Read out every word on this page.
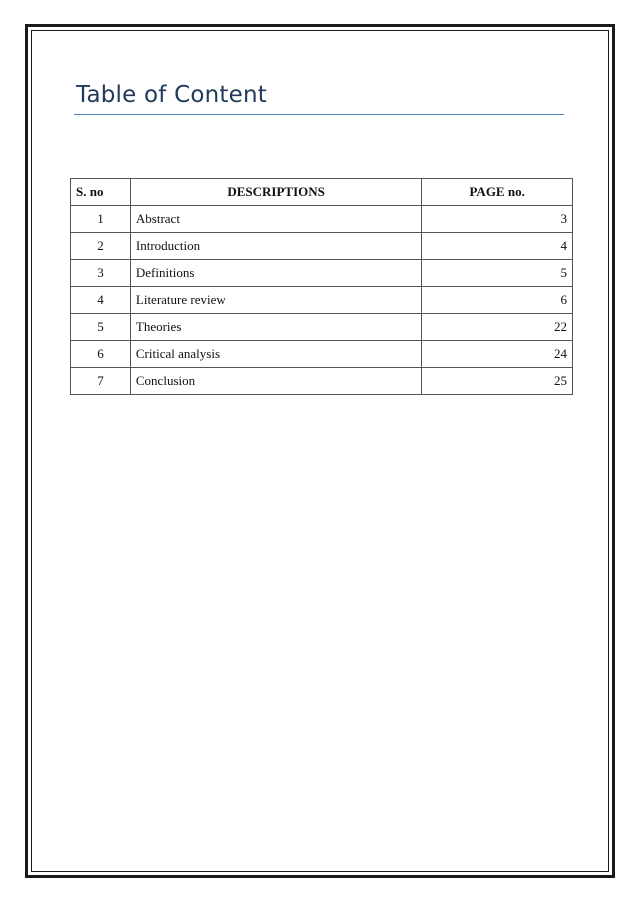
Table of Content
S. no	DESCRIPTIONS	PAGE no.
1	Abstract	3
2	Introduction	4
3	Definitions	5
4	Literature review	6
5	Theories	22
6	Critical analysis	24
7	Conclusion	25
